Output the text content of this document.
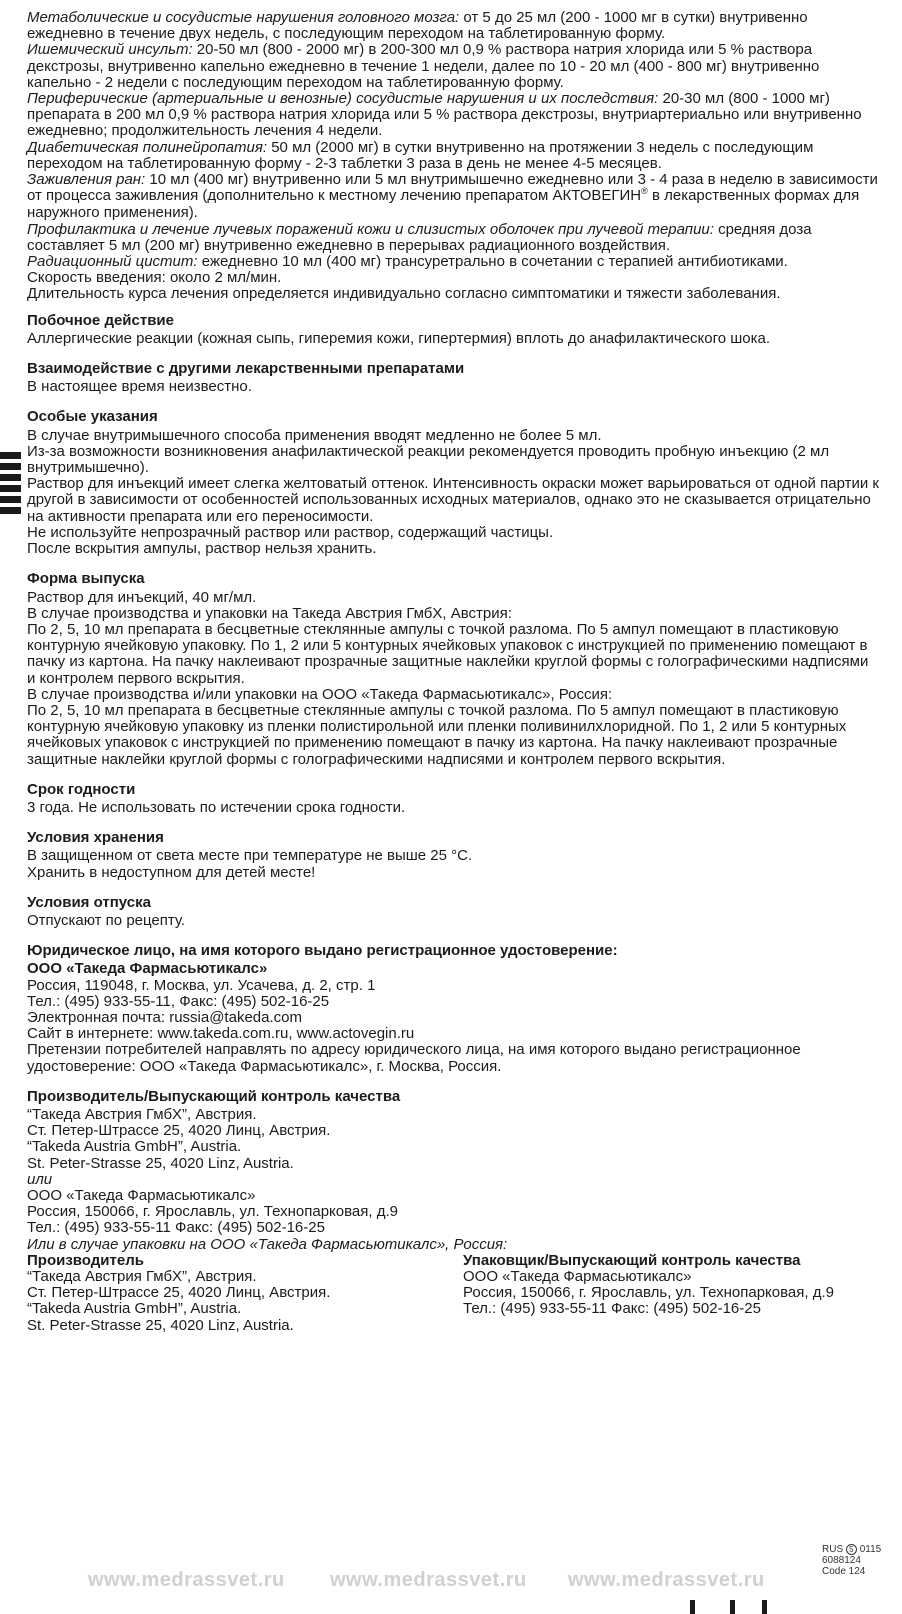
Метаболические и сосудистые нарушения головного мозга: от 5 до 25 мл (200 - 1000 мг в сутки) внутривенно ежедневно в течение двух недель, с последующим переходом на таблетированную форму.

Ишемический инсульт: 20-50 мл (800 - 2000 мг) в 200-300 мл 0,9 % раствора натрия хлорида или 5 % раствора декстрозы, внутривенно капельно ежедневно в течение 1 недели, далее по 10 - 20 мл (400 - 800 мг) внутривенно капельно - 2 недели с последующим переходом на таблетированную форму.

Периферические (артериальные и венозные) сосудистые нарушения и их последствия: 20-30 мл (800 - 1000 мг) препарата в 200 мл 0,9 % раствора натрия хлорида или 5 % раствора декстрозы, внутриартериально или внутривенно ежедневно; продолжительность лечения 4 недели.

Диабетическая полинейропатия: 50 мл (2000 мг) в сутки внутривенно на протяжении 3 недель с последующим переходом на таблетированную форму - 2-3 таблетки 3 раза в день не менее 4-5 месяцев.

Заживления ран: 10 мл (400 мг) внутривенно или 5 мл внутримышечно ежедневно или 3 - 4 раза в неделю в зависимости от процесса заживления (дополнительно к местному лечению препаратом АКТОВЕГИН® в лекарственных формах для наружного применения).

Профилактика и лечение лучевых поражений кожи и слизистых оболочек при лучевой терапии: средняя доза составляет 5 мл (200 мг) внутривенно ежедневно в перерывах радиационного воздействия.

Радиационный цистит: ежедневно 10 мл (400 мг) трансуретрально в сочетании с терапией антибиотиками.

Скорость введения: около 2 мл/мин.

Длительность курса лечения определяется индивидуально согласно симптоматики и тяжести заболевания.

Побочное действие

Аллергические реакции (кожная сыпь, гиперемия кожи, гипертермия) вплоть до анафилактического шока.

Взаимодействие с другими лекарственными препаратами

В настоящее время неизвестно.

Особые указания

В случае внутримышечного способа применения вводят медленно не более 5 мл.

Из-за возможности возникновения анафилактической реакции рекомендуется проводить пробную инъекцию (2 мл внутримышечно).

Раствор для инъекций имеет слегка желтоватый оттенок. Интенсивность окраски может варьироваться от одной партии к другой в зависимости от особенностей использованных исходных материалов, однако это не сказывается отрицательно на активности препарата или его переносимости.

Не используйте непрозрачный раствор или раствор, содержащий частицы.

После вскрытия ампулы, раствор нельзя хранить.

Форма выпуска

Раствор для инъекций, 40 мг/мл.

В случае производства и упаковки на Такеда Австрия ГмбХ, Австрия:

По 2, 5, 10 мл препарата в бесцветные стеклянные ампулы с точкой разлома. По 5 ампул помещают в пластиковую контурную ячейковую упаковку. По 1, 2 или 5 контурных ячейковых упаковок с инструкцией по применению помещают в пачку из картона. На пачку наклеивают прозрачные защитные наклейки круглой формы с голографическими надписями и контролем первого вскрытия.

В случае производства и/или упаковки на ООО «Такеда Фармасьютикалс», Россия:

По 2, 5, 10 мл препарата в бесцветные стеклянные ампулы с точкой разлома. По 5 ампул помещают в пластиковую контурную ячейковую упаковку из пленки полистирольной или пленки поливинилхлоридной. По 1, 2 или 5 контурных ячейковых упаковок с инструкцией по применению помещают в пачку из картона. На пачку наклеивают прозрачные защитные наклейки круглой формы с голографическими надписями и контролем первого вскрытия.

Срок годности

3 года. Не использовать по истечении срока годности.

Условия хранения

В защищенном от света месте при температуре не выше 25 °С.

Хранить в недоступном для детей месте!

Условия отпуска

Отпускают по рецепту.

Юридическое лицо, на имя которого выдано регистрационное удостоверение:
ООО «Такеда Фармасьютикалс»

Россия, 119048, г. Москва, ул. Усачева, д. 2, стр. 1

Тел.: (495) 933-55-11, Факс: (495) 502-16-25

Электронная почта: russia@takeda.com

Сайт в интернете: www.takeda.com.ru, www.actovegin.ru

Претензии потребителей направлять по адресу юридического лица, на имя которого выдано регистрационное удостоверение: ООО «Такеда Фармасьютикалс», г. Москва, Россия.

Производитель/Выпускающий контроль качества

“Такеда Австрия ГмбХ”, Австрия.

Ст. Петер-Штрассе 25, 4020 Линц, Австрия.

“Takeda Austria GmbH”, Austria.

St. Peter-Strasse 25, 4020 Linz, Austria.

или

ООО «Такеда Фармасьютикалс»

Россия, 150066, г. Ярославль, ул. Технопарковая, д.9

Тел.: (495) 933-55-11 Факс: (495) 502-16-25

Или в случае упаковки на ООО «Такеда Фармасьютикалс», Россия:

Производитель

“Такеда Австрия ГмбХ”, Австрия.

Ст. Петер-Штрассе 25, 4020 Линц, Австрия.

“Takeda Austria GmbH”, Austria.

St. Peter-Strasse 25, 4020 Linz, Austria.

Упаковщик/Выпускающий контроль качества

ООО «Такеда Фармасьютикалс»

Россия, 150066, г. Ярославль, ул. Технопарковая, д.9

Тел.: (495) 933-55-11 Факс: (495) 502-16-25

RUS 5 0115
6088124
Code 124
www.medrassvet.ru www.medrassvet.ru www.medrassvet.ru
